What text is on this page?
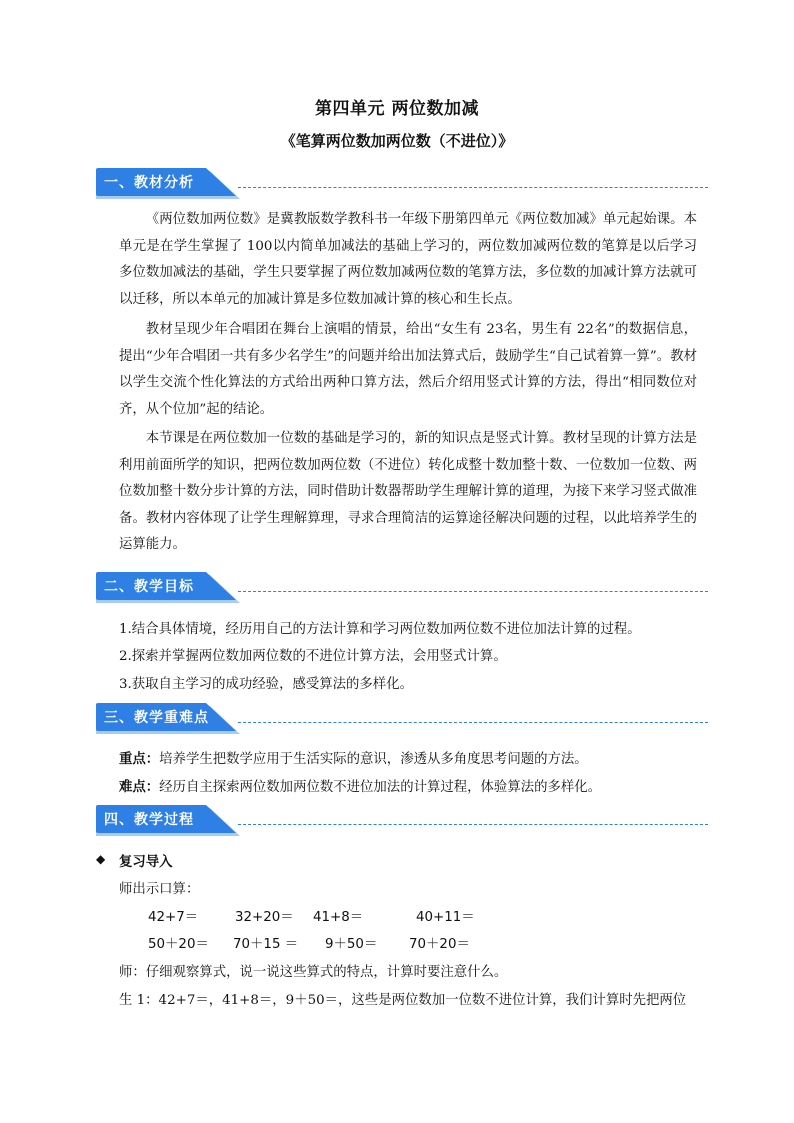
第四单元 两位数加减
《笔算两位数加两位数（不进位）》
一、教材分析

《两位数加两位数》是冀教版数学教科书一年级下册第四单元《两位数加减》单元起始课。本单元是在学生掌握了 100以内简单加减法的基础上学习的，两位数加减两位数的笔算是以后学习多位数加减法的基础，学生只要掌握了两位数加减两位数的笔算方法，多位数的加减计算方法就可以迁移，所以本单元的加减计算是多位数加减计算的核心和生长点。

教材呈现少年合唱团在舞台上演唱的情景，给出“女生有 23名，男生有 22名”的数据信息，提出“少年合唱团一共有多少名学生”的问题并给出加法算式后，鼓励学生“自己试着算一算”。教材以学生交流个性化算法的方式给出两种口算方法，然后介绍用竖式计算的方法，得出“相同数位对齐，从个位加”起的结论。

本节课是在两位数加一位数的基础是学习的，新的知识点是竖式计算。教材呈现的计算方法是利用前面所学的知识，把两位数加两位数（不进位）转化成整十数加整十数、一位数加一位数、两位数加整十数分步计算的方法，同时借助计数器帮助学生理解计算的道理，为接下来学习竖式做准备。教材内容体现了让学生理解算理，寻求合理简洁的运算途径解决问题的过程，以此培养学生的运算能力。

二、教学目标
1.结合具体情境，经历用自己的方法计算和学习两位数加两位数不进位加法计算的过程。
2.探索并掌握两位数加两位数的不进位计算方法，会用竖式计算。
3.获取自主学习的成功经验，感受算法的多样化。
三、教学重难点
重点：培养学生把数学应用于生活实际的意识，渗透从多角度思考问题的方法。
难点：经历自主探索两位数加两位数不进位加法的计算过程，体验算法的多样化。
四、教学过程
◆ 复习导入
师出示口算：
42+7＝	32+20＝ 41+8＝	40+11＝
50＋20＝ 70＋15 ＝ 9＋50＝ 70＋20＝
师：仔细观察算式，说一说这些算式的特点，计算时要注意什么。
生 1：42+7＝，41+8＝，9＋50＝，这些是两位数加一位数不进位计算，我们计算时先把两位
